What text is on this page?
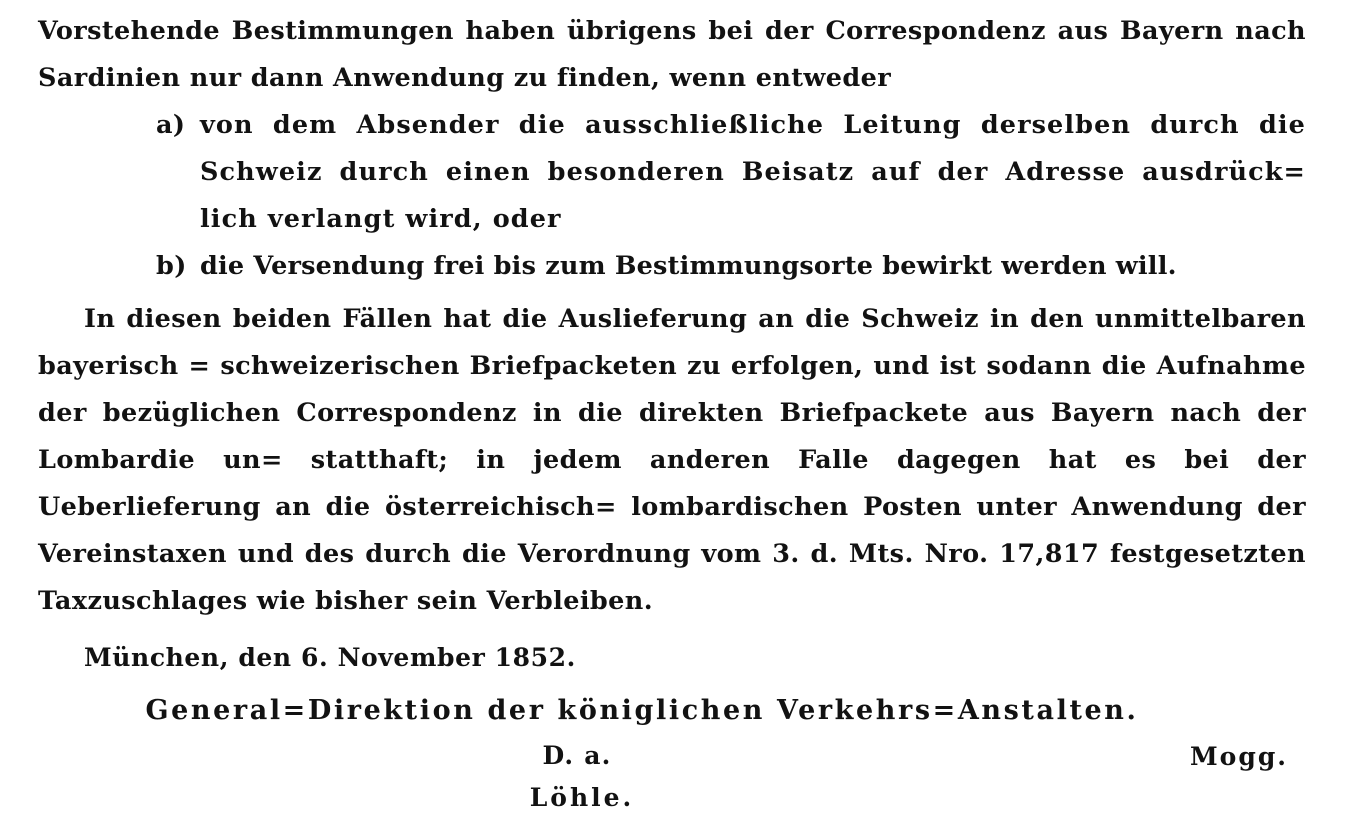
Vorstehende Bestimmungen haben übrigens bei der Correspondenz aus Bayern nach Sardinien nur dann Anwendung zu finden, wenn entweder

a) von dem Absender die ausschließliche Leitung derselben durch die Schweiz durch einen besonderen Beisatz auf der Adresse ausdrück= lich verlangt wird, oder
b) die Versendung frei bis zum Bestimmungsorte bewirkt werden will.

In diesen beiden Fällen hat die Auslieferung an die Schweiz in den unmittelbaren bayerisch = schweizerischen Briefpacketen zu erfolgen, und ist sodann die Aufnahme der bezüglichen Correspondenz in die direkten Briefpackete aus Bayern nach der Lombardie un= statthaft; in jedem anderen Falle dagegen hat es bei der Ueberlieferung an die österreichisch= lombardischen Posten unter Anwendung der Vereinstaxen und des durch die Verordnung vom 3. d. Mts. Nro. 17,817 festgesetzten Taxzuschlages wie bisher sein Verbleiben.

München, den 6. November 1852.

General=Direktion der königlichen Verkehrs=Anstalten.

D. a.

Löhle.

Mogg.
